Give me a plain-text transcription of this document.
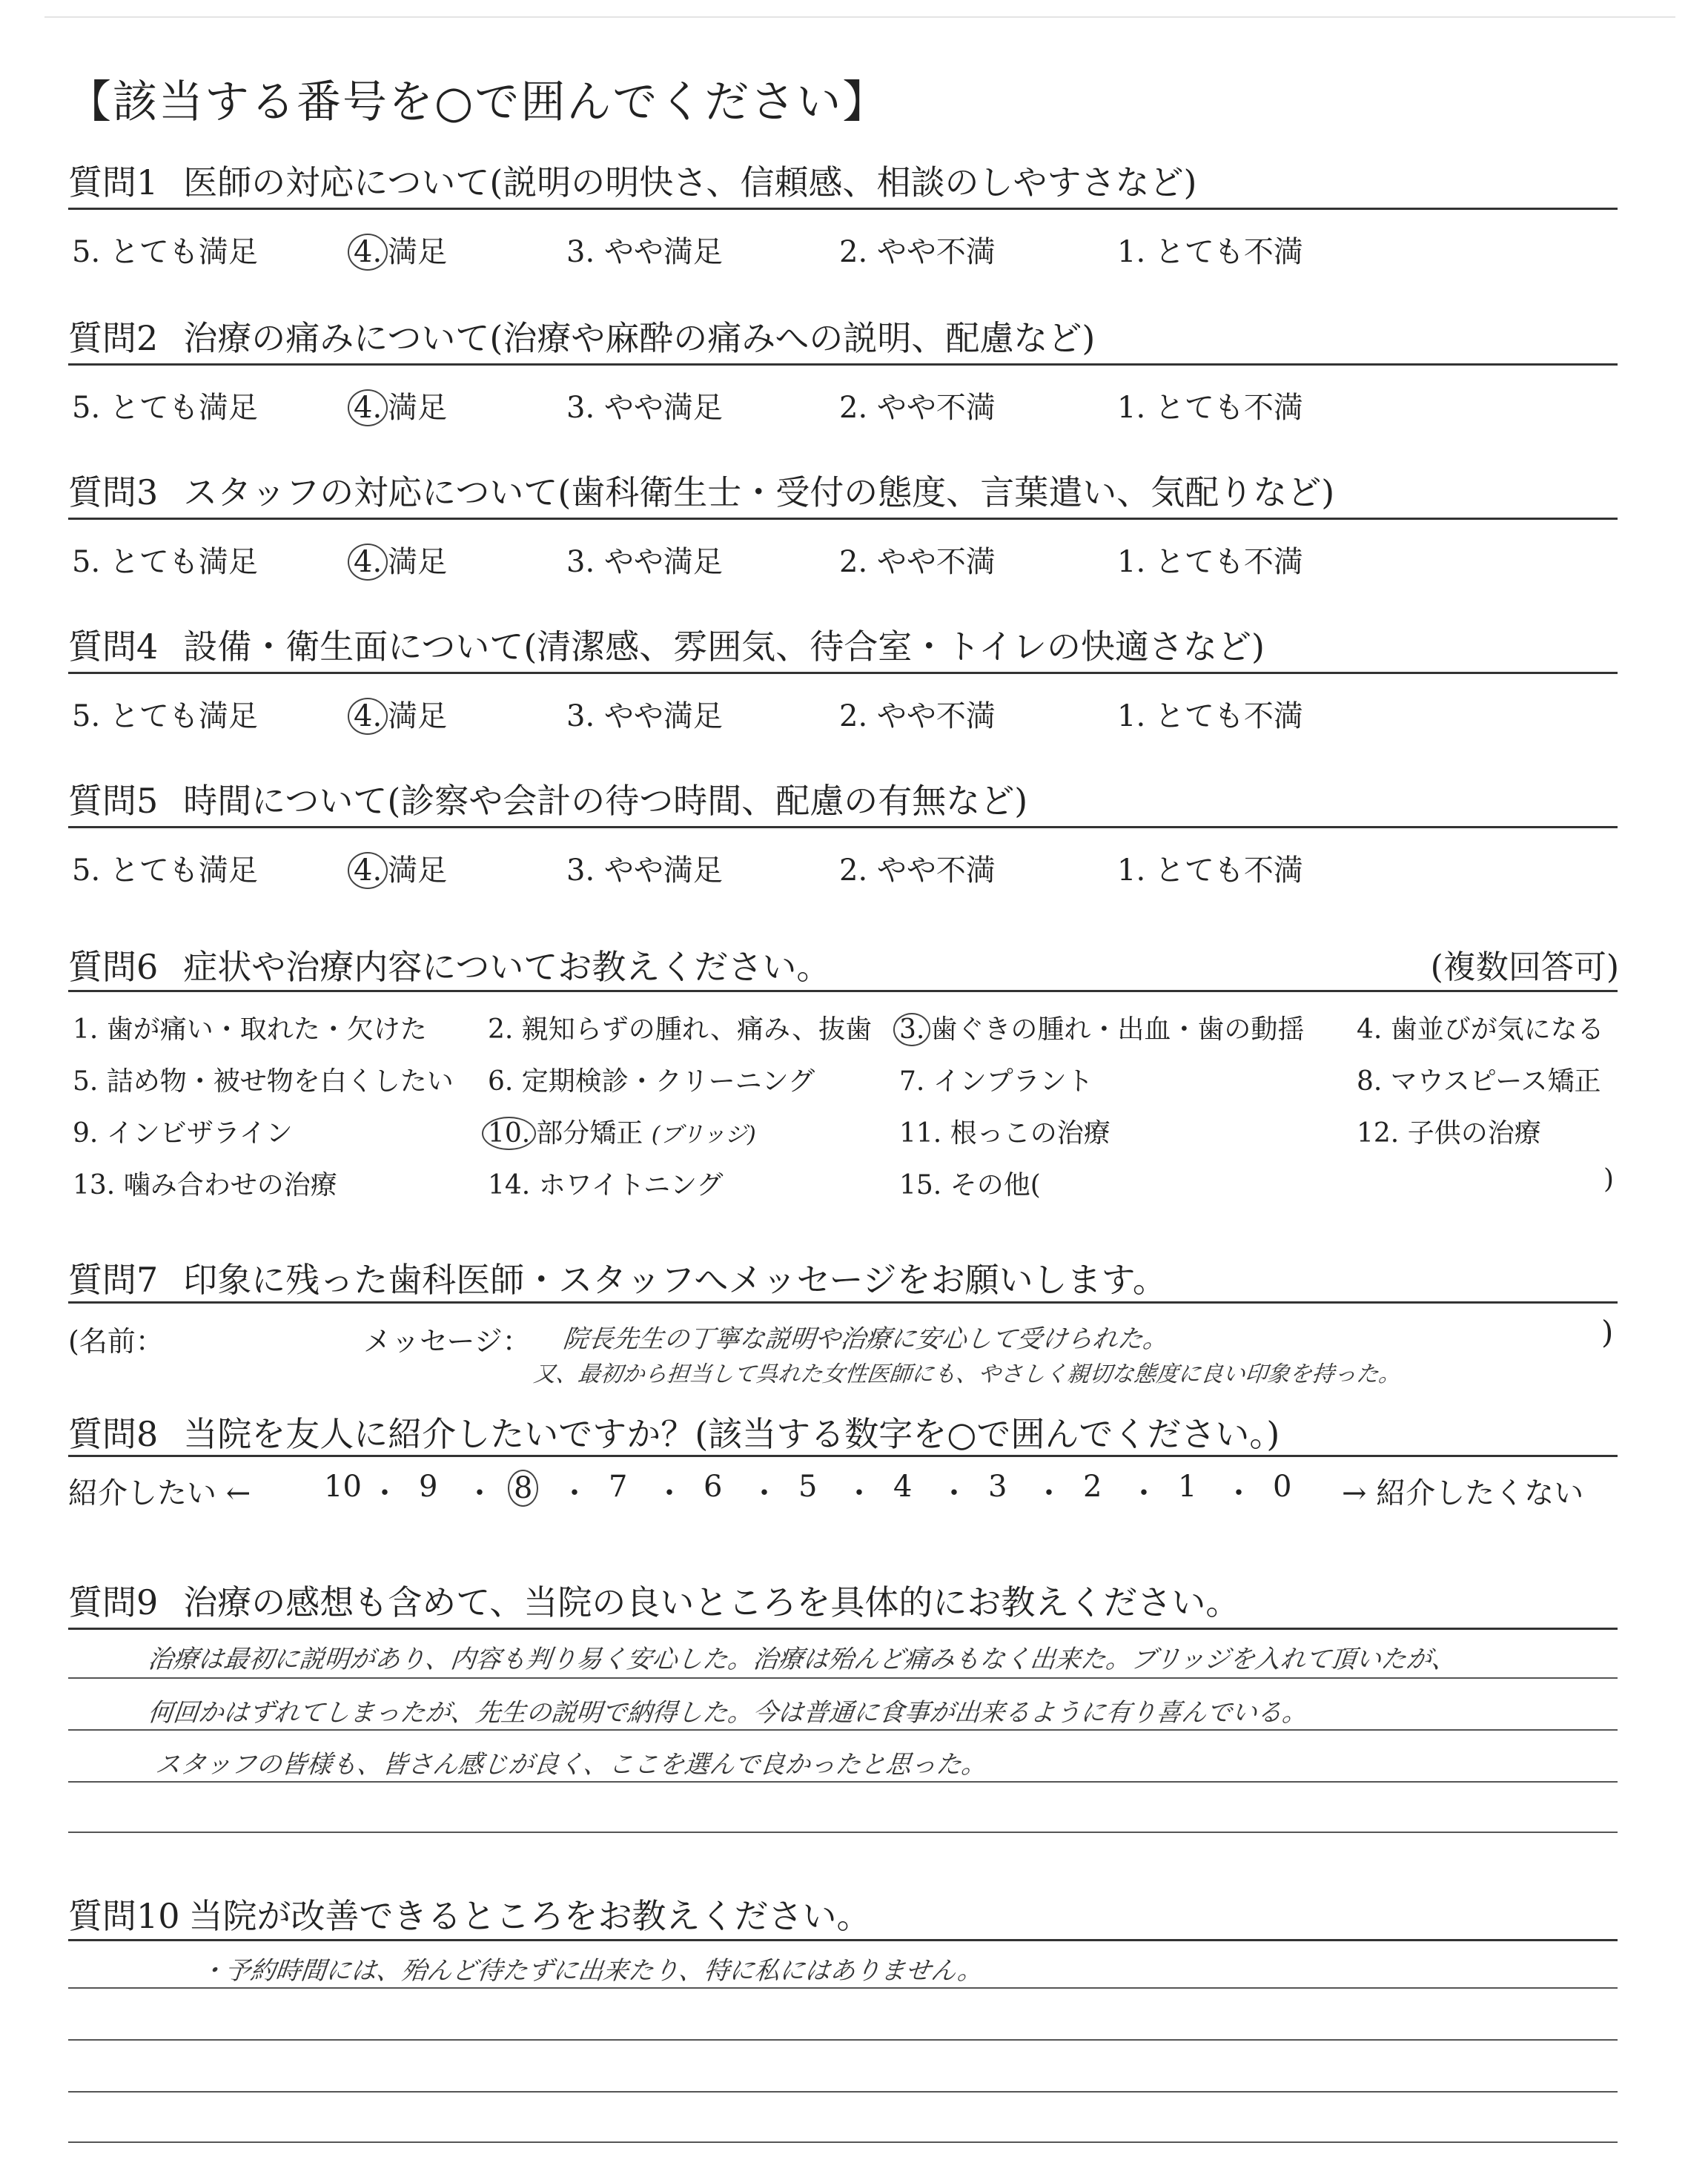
【該当する番号を○で囲んでください】
質問1 医師の対応について(説明の明快さ、信頼感、相談のしやすさなど)
5. とても満足	4. 満足	3. やや満足	2. やや不満	1. とても不満
質問2 治療の痛みについて(治療や麻酔の痛みへの説明、配慮など)
5. とても満足	4. 満足	3. やや満足	2. やや不満	1. とても不満
質問3 スタッフの対応について(歯科衛生士・受付の態度、言葉遣い、気配りなど)
5. とても満足	4. 満足	3. やや満足	2. やや不満	1. とても不満
質問4 設備・衛生面について(清潔感、雰囲気、待合室・トイレの快適さなど)
5. とても満足	4. 満足	3. やや満足	2. やや不満	1. とても不満
質問5 時間について(診察や会計の待つ時間、配慮の有無など)
5. とても満足	4. 満足	3. やや満足	2. やや不満	1. とても不満
質問6 症状や治療内容についてお教えください。	(複数回答可)
1. 歯が痛い・取れた・欠けた 2. 親知らずの腫れ、痛み、抜歯 3. 歯ぐきの腫れ・出血・歯の動揺 4. 歯並びが気になる
5. 詰め物・被せ物を白くしたい 6. 定期検診・クリーニング	7. インプラント	8. マウスピース矯正
9. インビザライン	10. 部分矯正 (ブリッジ)	11. 根っこの治療	12. 子供の治療
13. 噛み合わせの治療	14. ホワイトニング	15. その他(	)
質問7 印象に残った歯科医師・スタッフへメッセージをお願いします。
(名前：	メッセージ： 院長先生の丁寧な説明や治療に安心して受けられた。	)
又、最初から担当して呉れた女性医師にも、やさしく親切な態度に良い印象を持った。
質問8 当院を友人に紹介したいですか？(該当する数字を○で囲んでください。)
紹介したい ← 10 ・ 9 ・ 8 ・ 7 ・ 6 ・ 5 ・ 4 ・ 3 ・ 2 ・ 1 ・ 0 → 紹介したくない
質問9 治療の感想も含めて、当院の良いところを具体的にお教えください。
治療は最初に説明があり、内容も判り易く安心した。治療は殆んど痛みもなく出来た。ブリッジを入れて頂いたが、
何回かはずれてしまったが、先生の説明で納得した。今は普通に食事が出来るように有り喜んでいる。
スタッフの皆様も、皆さん感じが良く、ここを選んで良かったと思った。
質問10 当院が改善できるところをお教えください。
・予約時間には、殆んど待たずに出来たり、特に私にはありません。
